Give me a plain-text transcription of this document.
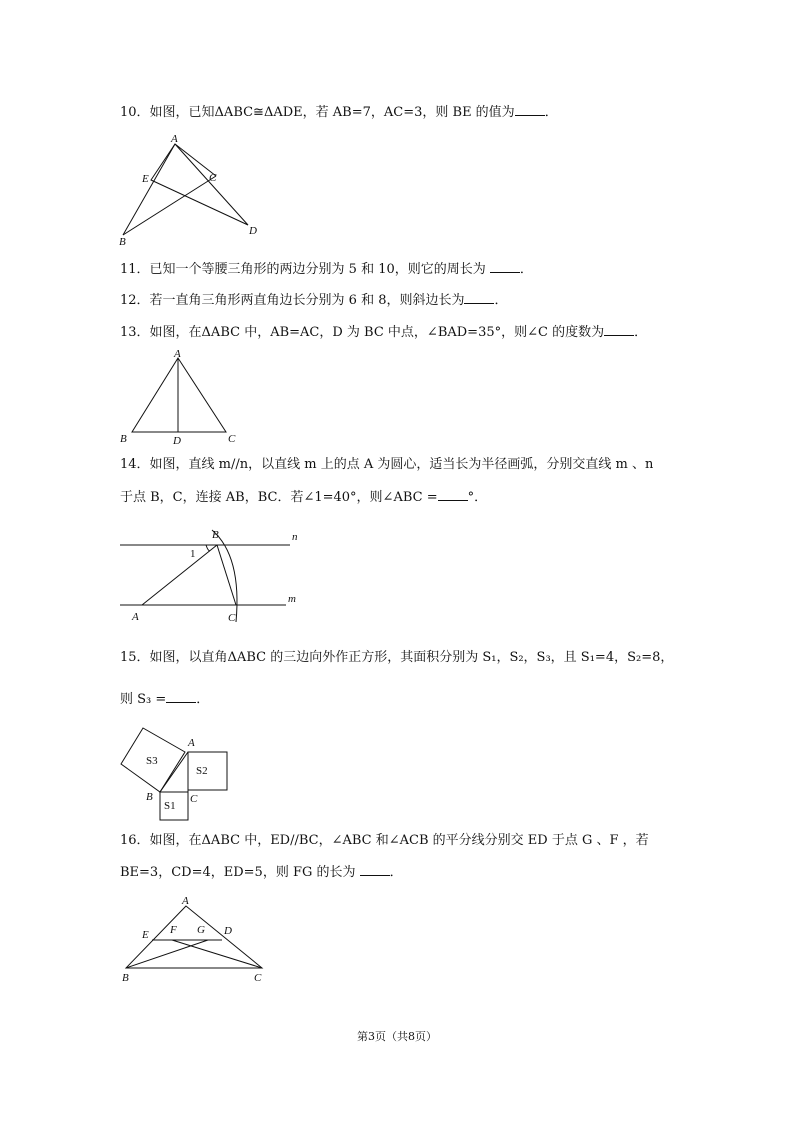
10．如图，已知ΔABC≅ΔADE，若 AB=7，AC=3，则 BE 的值为 ．
A
E	C
B
D
11．已知一个等腰三角形的两边分别为 5 和 10，则它的周长为	．
12．若一直角三角形两直角边长分别为 6 和 8，则斜边长为 ．
13．如图，在ΔABC 中，AB=AC，D 为 BC 中点，∠BAD=35°，则∠C 的度数为 ．
A
B	D	C
14．如图，直线 m//n，以直线 m 上的点 A 为圆心，适当长为半径画弧，分别交直线 m 、n
于点 B，C，连接 AB，BC．若∠1=40°，则∠ABC = °．
B	n
1
A	C
m
15．如图，以直角ΔABC 的三边向外作正方形，其面积分别为 S₁，S₂，S₃，且 S₁=4，S₂=8，
则 S₃ = ．
S3
A
S2
B
S1
C
16．如图，在ΔABC 中，ED//BC，∠ABC 和∠ACB 的平分线分别交 ED 于点 G 、F ，若
BE=3，CD=4，ED=5，则 FG 的长为	．
A
E F G D
B	C
第3页（共8页）
